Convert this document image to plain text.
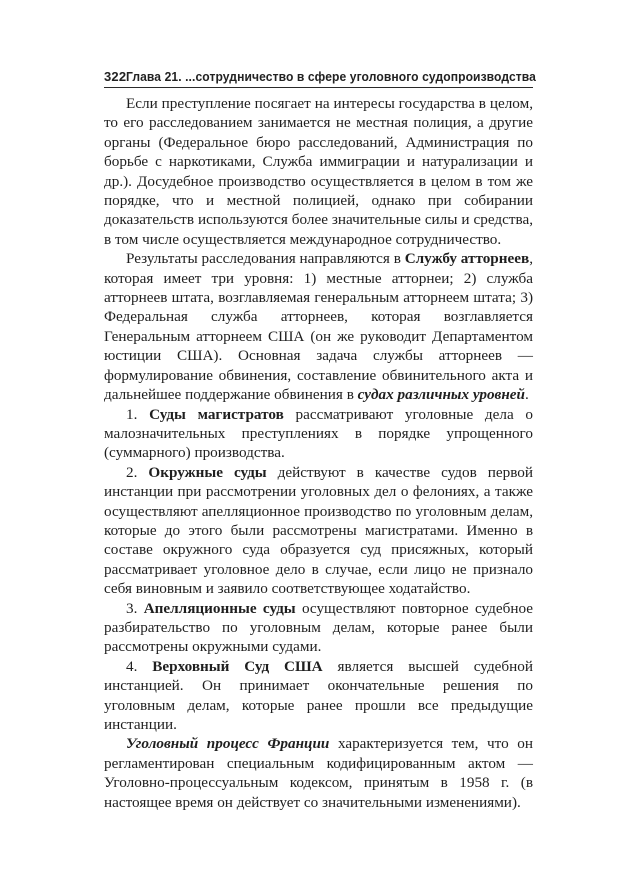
322 Глава 21. ...сотрудничество в сфере уголовного судопроизводства

Если преступление посягает на интересы государства в целом, то его расследованием занимается не местная полиция, а другие органы (Федеральное бюро расследований, Администрация по борьбе с наркотиками, Служба иммиграции и натурализации и др.). Досудебное производство осуществляется в целом в том же порядке, что и местной полицией, однако при собирании доказательств используются более значительные силы и средства, в том числе осуществляется международное сотрудничество.

Результаты расследования направляются в Службу атторнеев, которая имеет три уровня: 1) местные атторнеи; 2) служба атторнеев штата, возглавляемая генеральным атторнеем штата; 3) Федеральная служба атторнеев, которая возглавляется Генеральным атторнеем США (он же руководит Департаментом юстиции США). Основная задача службы атторнеев — формулирование обвинения, составление обвинительного акта и дальнейшее поддержание обвинения в судах различных уровней.

1. Суды магистратов рассматривают уголовные дела о малозначительных преступлениях в порядке упрощенного (суммарного) производства.

2. Окружные суды действуют в качестве судов первой инстанции при рассмотрении уголовных дел о фелониях, а также осуществляют апелляционное производство по уголовным делам, которые до этого были рассмотрены магистратами. Именно в составе окружного суда образуется суд присяжных, который рассматривает уголовное дело в случае, если лицо не признало себя виновным и заявило соответствующее ходатайство.

3. Апелляционные суды осуществляют повторное судебное разбирательство по уголовным делам, которые ранее были рассмотрены окружными судами.

4. Верховный Суд США является высшей судебной инстанцией. Он принимает окончательные решения по уголовным делам, которые ранее прошли все предыдущие инстанции.

Уголовный процесс Франции характеризуется тем, что он регламентирован специальным кодифицированным актом — Уголовно-процессуальным кодексом, принятым в 1958 г. (в настоящее время он действует со значительными изменениями).
